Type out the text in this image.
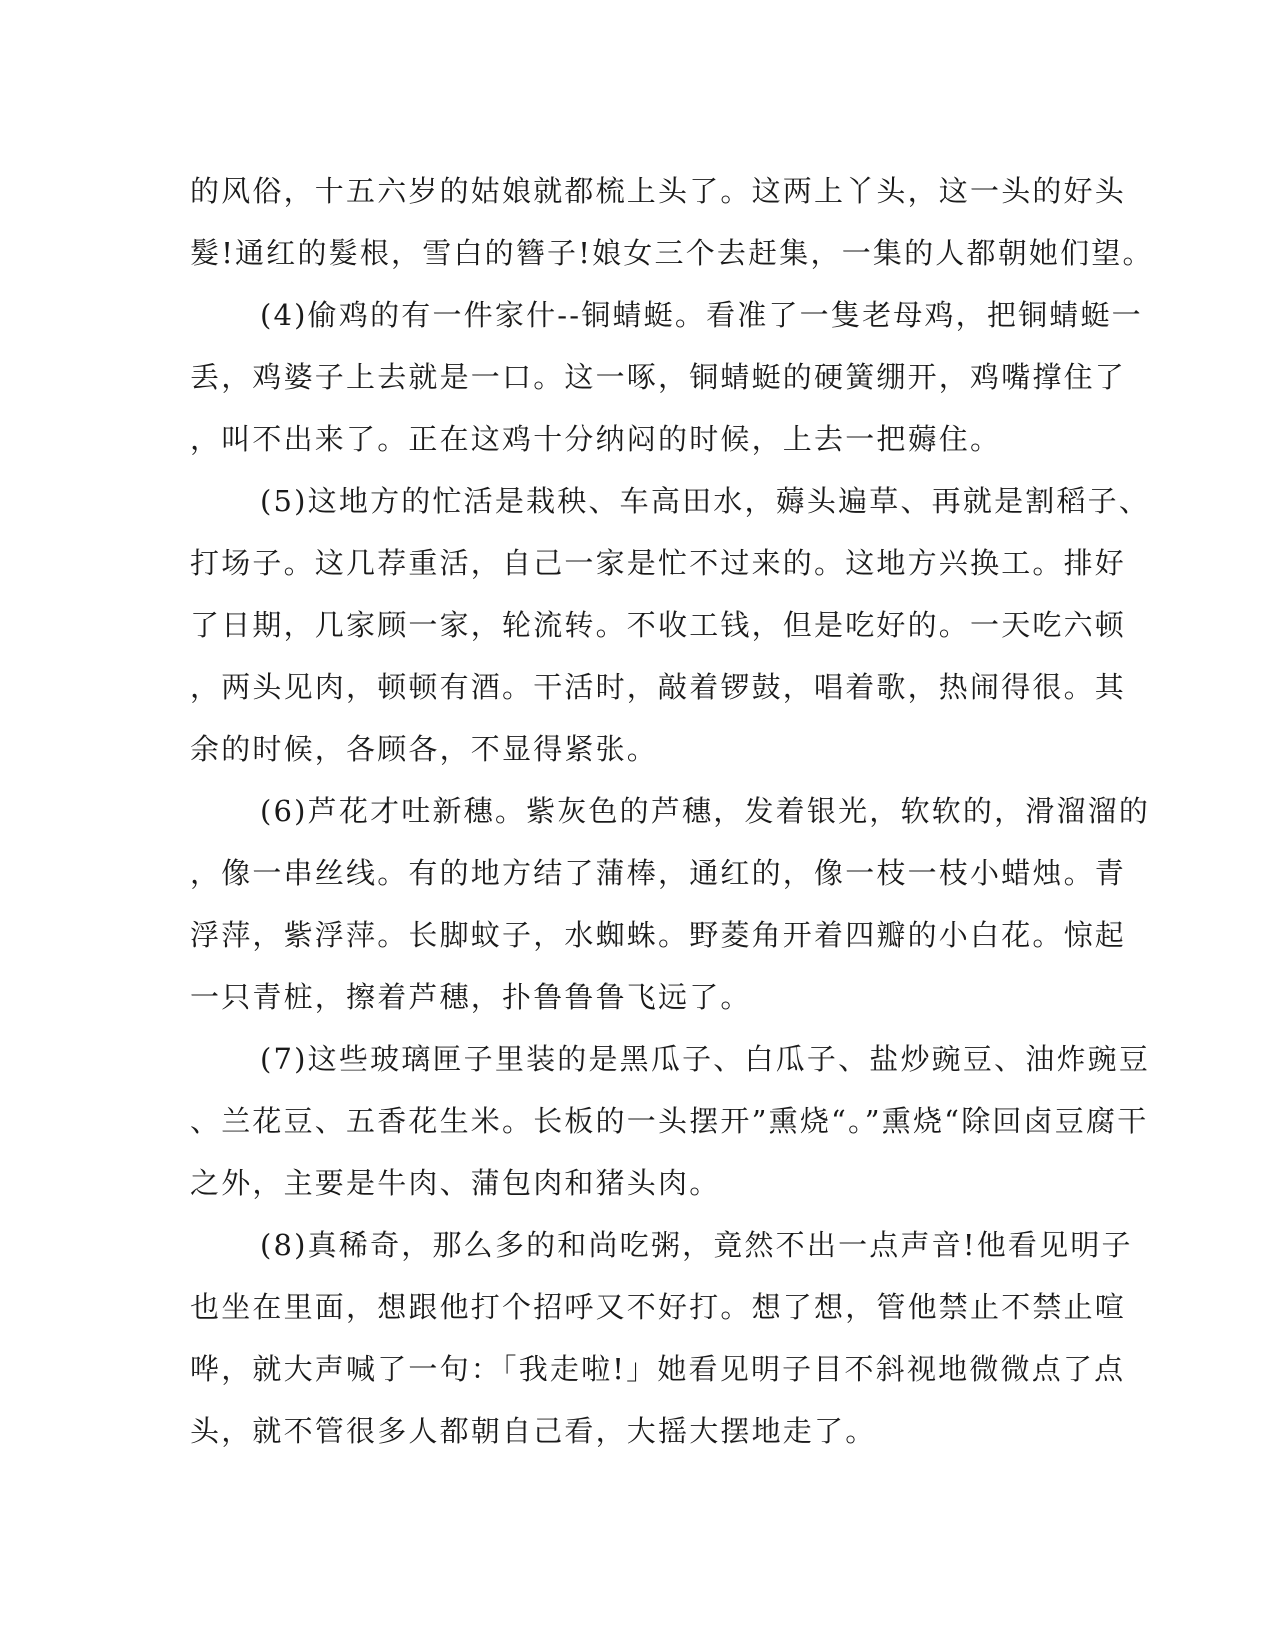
的风俗，十五六岁的姑娘就都梳上头了。这两上丫头，这一头的好头
髮!通红的髮根，雪白的簪子!娘女三个去赶集，一集的人都朝她们望。
(4)偷鸡的有一件家什--铜蜻蜓。看准了一隻老母鸡，把铜蜻蜓一
丢，鸡婆子上去就是一口。这一啄，铜蜻蜓的硬簧绷开，鸡嘴撑住了
，叫不出来了。正在这鸡十分纳闷的时候，上去一把薅住。
(5)这地方的忙活是栽秧、车高田水，薅头遍草、再就是割稻子、
打场子。这几荐重活，自己一家是忙不过来的。这地方兴换工。排好
了日期，几家顾一家，轮流转。不收工钱，但是吃好的。一天吃六顿
，两头见肉，顿顿有酒。干活时，敲着锣鼓，唱着歌，热闹得很。其
余的时候，各顾各，不显得紧张。
(6)芦花才吐新穗。紫灰色的芦穗，发着银光，软软的，滑溜溜的
，像一串丝线。有的地方结了蒲棒，通红的，像一枝一枝小蜡烛。青
浮萍，紫浮萍。长脚蚊子，水蜘蛛。野菱角开着四瓣的小白花。惊起
一只青桩，擦着芦穗，扑鲁鲁鲁飞远了。
(7)这些玻璃匣子里装的是黑瓜子、白瓜子、盐炒豌豆、油炸豌豆
、兰花豆、五香花生米。长板的一头摆开”熏烧“。”熏烧“除回卤豆腐干
之外，主要是牛肉、蒲包肉和猪头肉。
(8)真稀奇，那么多的和尚吃粥，竟然不出一点声音!他看见明子
也坐在里面，想跟他打个招呼又不好打。想了想，管他禁止不禁止喧
哗，就大声喊了一句：「我走啦!」她看见明子目不斜视地微微点了点
头，就不管很多人都朝自己看，大摇大摆地走了。
